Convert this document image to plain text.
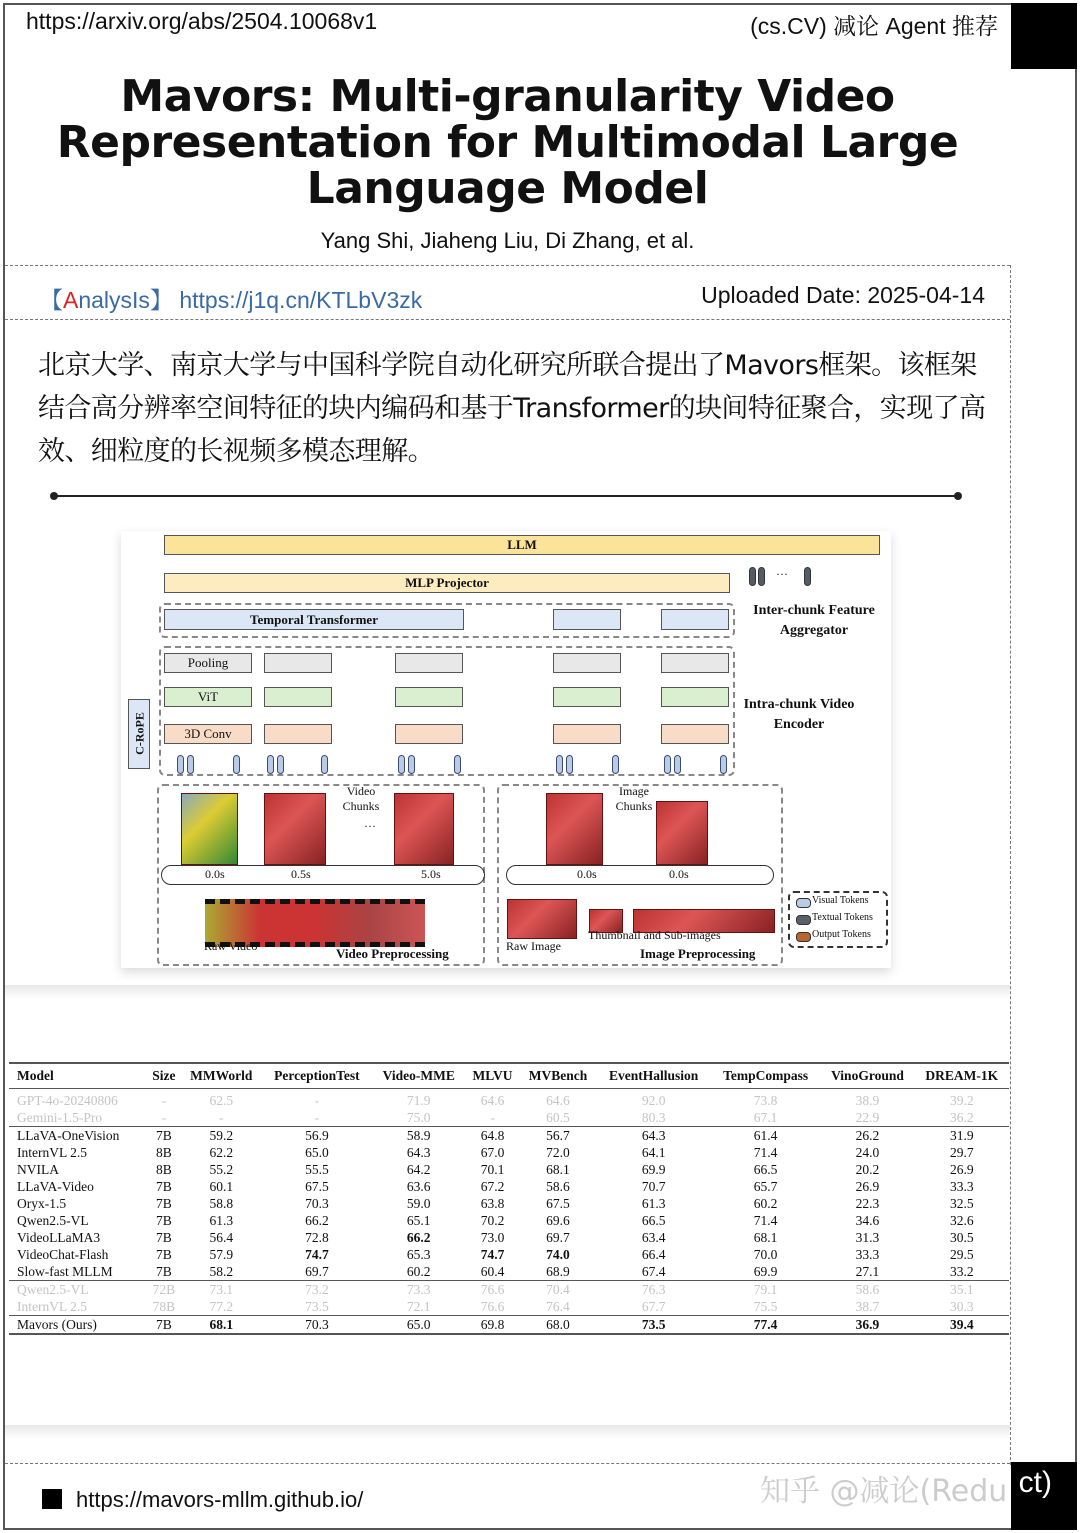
https://arxiv.org/abs/2504.10068v1	(cs.CV) 减论 Agent 推荐
Mavors: Multi-granularity Video Representation for Multimodal Large Language Model
Yang Shi, Jiaheng Liu, Di Zhang, et al.
【AnalysIs】 https://j1q.cn/KTLbV3zk	Uploaded Date: 2025-04-14
北京大学、南京大学与中国科学院自动化研究所联合提出了Mavors框架。该框架结合高分辨率空间特征的块内编码和基于Transformer的块间特征聚合，实现了高效、细粒度的长视频多模态理解。
LLM
MLP Projector
···
Temporal Transformer
Inter-chunk Feature Aggregator
Pooling
ViT
3D Conv
Intra-chunk Video Encoder
C-RoPE
Video Chunks
···
0.0s	0.5s	5.0s
Raw Video	Video Preprocessing
Image Chunks
0.0s	0.0s
Raw Image
Thumbnail and Sub-images
Image Preprocessing
Visual Tokens
Textual Tokens
Output Tokens
Model	Size	MMWorld	PerceptionTest	Video-MME	MLVU	MVBench	EventHallusion	TempCompass	VinoGround	DREAM-1K
GPT-4o-20240806	-	62.5	-	71.9	64.6	64.6	92.0	73.8	38.9	39.2
Gemini-1.5-Pro	-	-	-	75.0	-	60.5	80.3	67.1	22.9	36.2
LLaVA-OneVision	7B	59.2	56.9	58.9	64.8	56.7	64.3	61.4	26.2	31.9
InternVL 2.5	8B	62.2	65.0	64.3	67.0	72.0	64.1	71.4	24.0	29.7
NVILA	8B	55.2	55.5	64.2	70.1	68.1	69.9	66.5	20.2	26.9
LLaVA-Video	7B	60.1	67.5	63.6	67.2	58.6	70.7	65.7	26.9	33.3
Oryx-1.5	7B	58.8	70.3	59.0	63.8	67.5	61.3	60.2	22.3	32.5
Qwen2.5-VL	7B	61.3	66.2	65.1	70.2	69.6	66.5	71.4	34.6	32.6
VideoLLaMA3	7B	56.4	72.8	66.2	73.0	69.7	63.4	68.1	31.3	30.5
VideoChat-Flash	7B	57.9	74.7	65.3	74.7	74.0	66.4	70.0	33.3	29.5
Slow-fast MLLM	7B	58.2	69.7	60.2	60.4	68.9	67.4	69.9	27.1	33.2
Qwen2.5-VL	72B	73.1	73.2	73.3	76.6	70.4	76.3	79.1	58.6	35.1
InternVL 2.5	78B	77.2	73.5	72.1	76.6	76.4	67.7	75.5	38.7	30.3
Mavors (Ours)	7B	68.1	70.3	65.0	69.8	68.0	73.5	77.4	36.9	39.4
https://mavors-mllm.github.io/	知乎 @减论(Redu ct)
